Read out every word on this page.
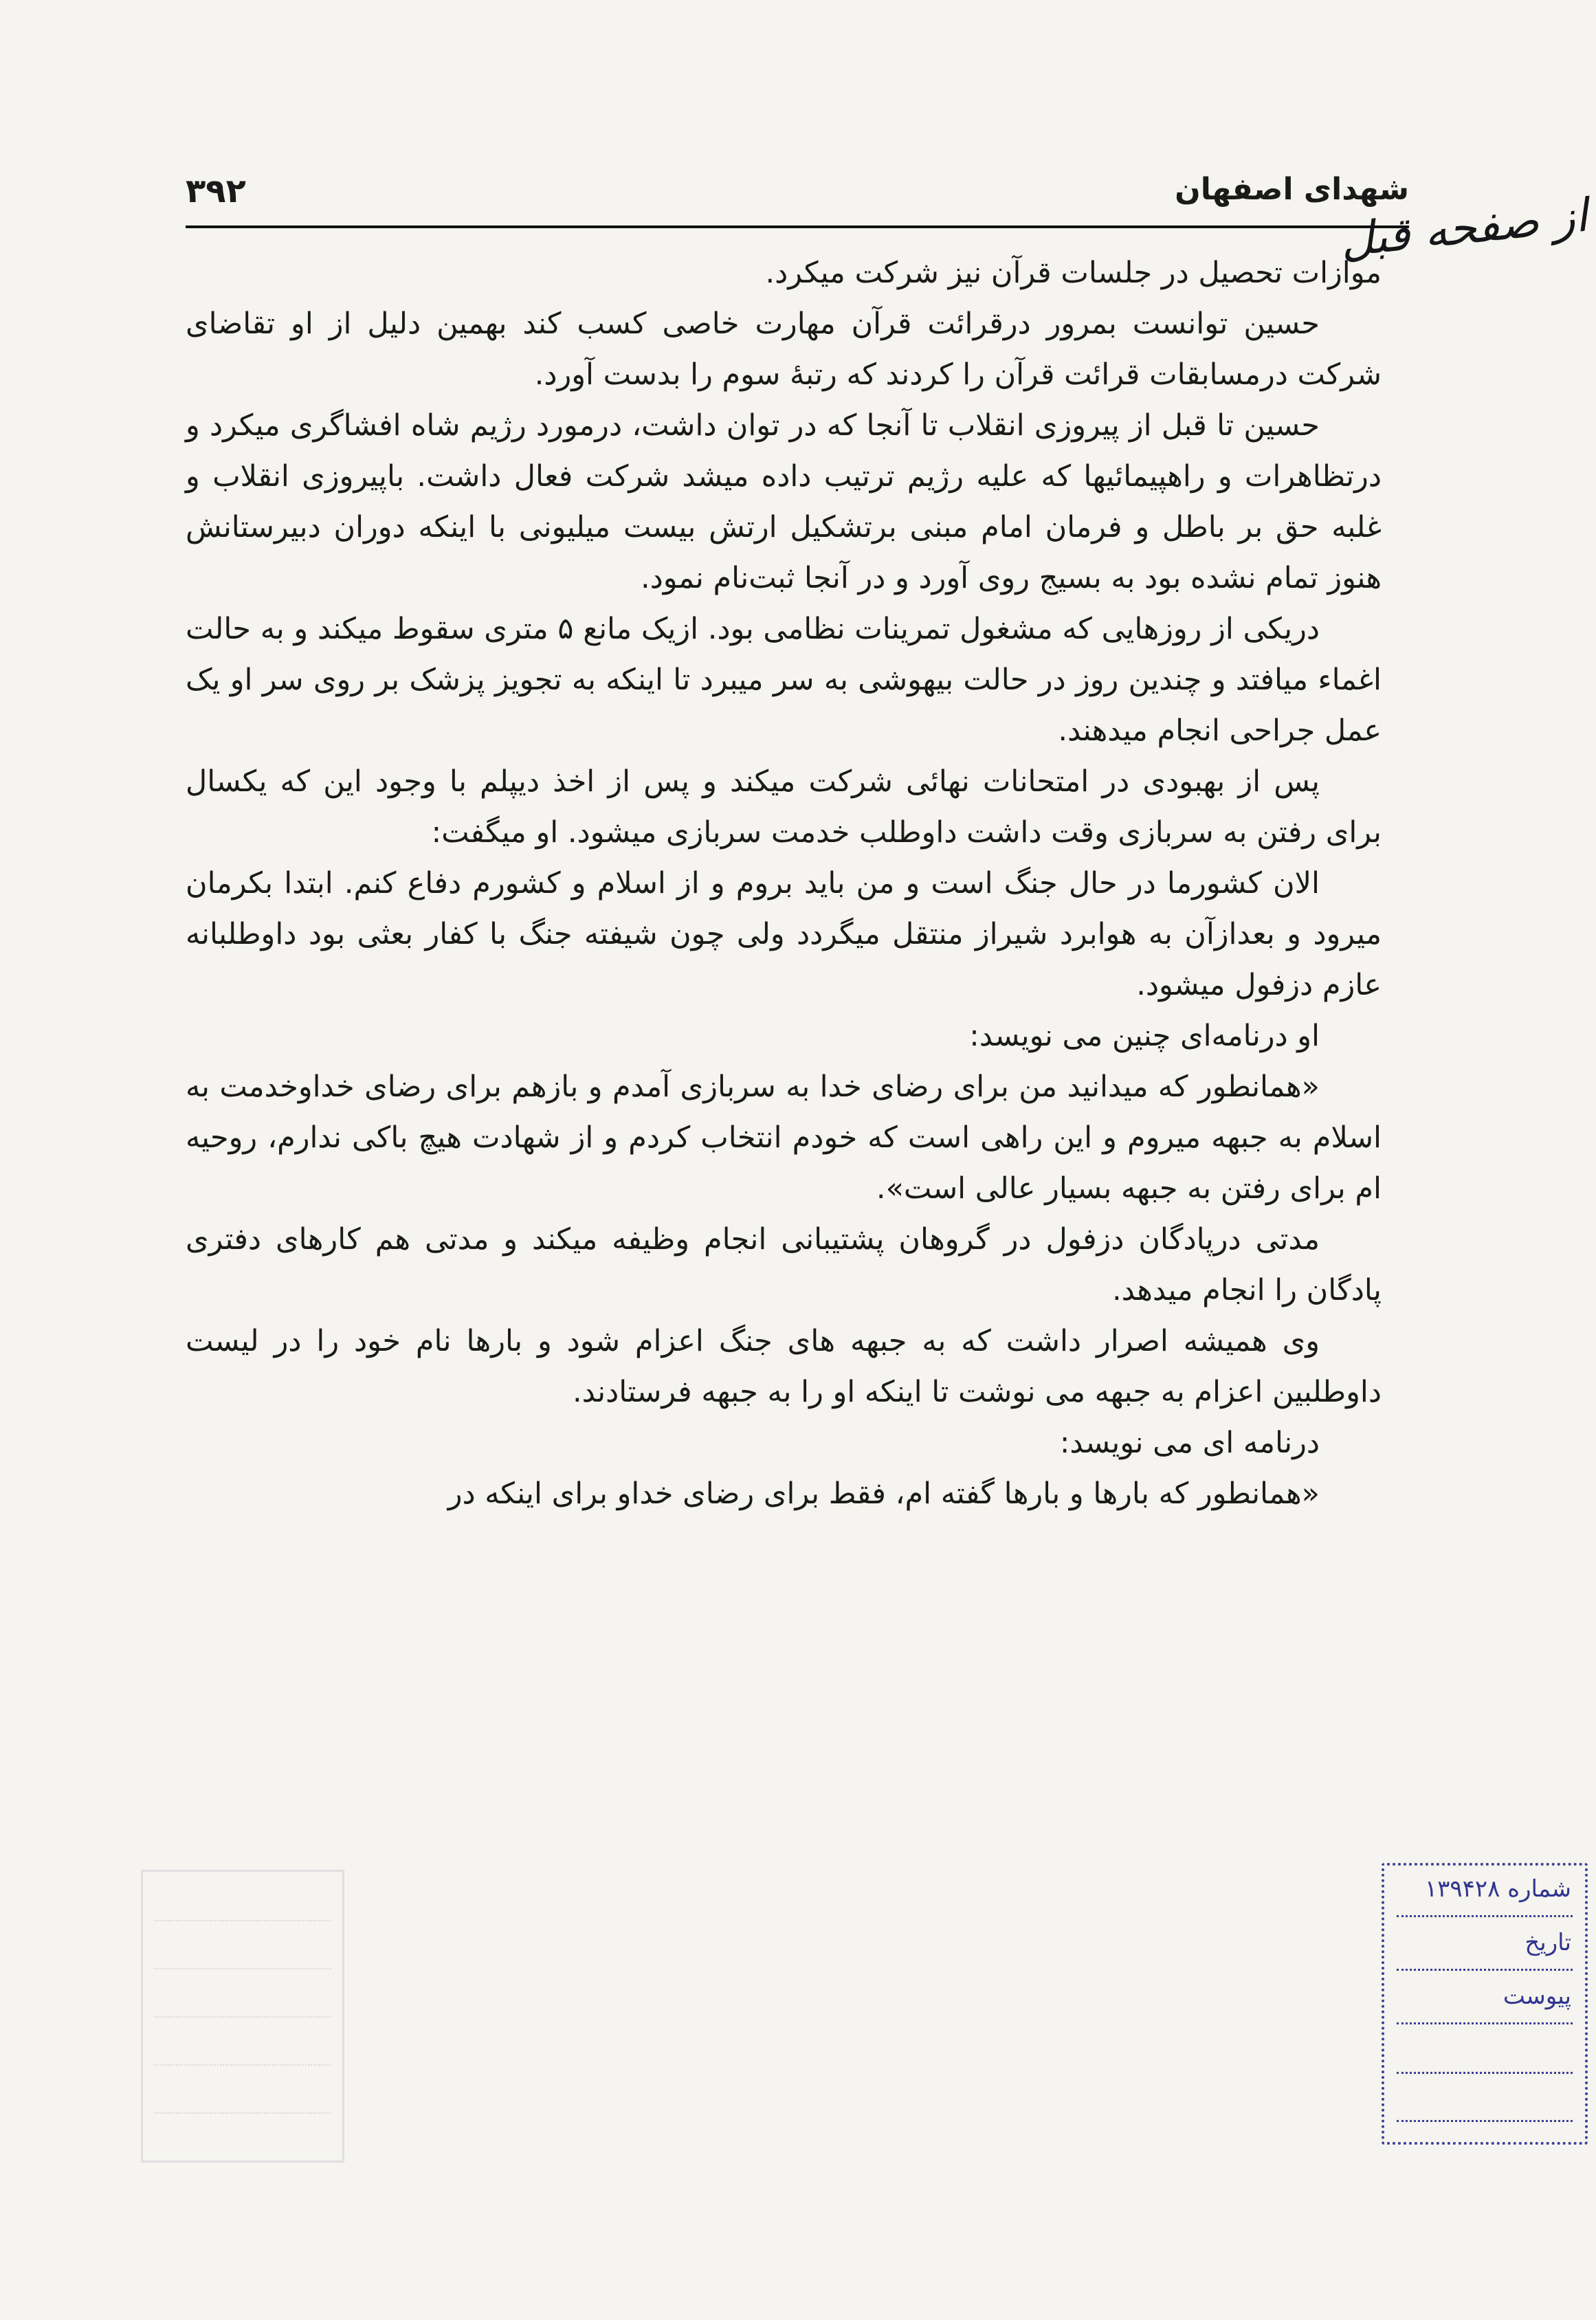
شهدای اصفهان
۳۹۲	از صفحه قبل

موازات تحصیل در جلسات قرآن نیز شرکت میکرد.

حسین توانست بمرور درقرائت قرآن مهارت خاصی کسب کند بهمین دلیل از او تقاضای شرکت درمسابقات قرائت قرآن را کردند که رتبهٔ سوم را بدست آورد.

حسین تا قبل از پیروزی انقلاب تا آنجا که در توان داشت، درمورد رژیم شاه افشاگری میکرد و درتظاهرات و راهپیمائیها که علیه رژیم ترتیب داده میشد شرکت فعال داشت. باپیروزی انقلاب و غلبه حق بر باطل و فرمان امام مبنی برتشکیل ارتش بیست میلیونی با اینکه دوران دبیرستانش هنوز تمام نشده بود به بسیج روی آورد و در آنجا ثبت‌نام نمود.

دریکی از روزهایی که مشغول تمرینات نظامی بود. ازیک مانع ۵ متری سقوط میکند و به حالت اغماء میافتد و چندین روز در حالت بیهوشی به سر میبرد تا اینکه به تجویز پزشک بر روی سر او یک عمل جراحی انجام میدهند.

پس از بهبودی در امتحانات نهائی شرکت میکند و پس از اخذ دیپلم با وجود این که یکسال برای رفتن به سربازی وقت داشت داوطلب خدمت سربازی میشود. او میگفت:

الان کشورما در حال جنگ است و من باید بروم و از اسلام و کشورم دفاع کنم. ابتدا بکرمان میرود و بعدازآن به هوابرد شیراز منتقل میگردد ولی چون شیفته جنگ با کفار بعثی بود داوطلبانه عازم دزفول میشود.

او درنامه‌ای چنین می نویسد:

«همانطور که میدانید من برای رضای خدا به سربازی آمدم و بازهم برای رضای خداوخدمت به اسلام به جبهه میروم و این راهی است که خودم انتخاب کردم و از شهادت هیچ باکی ندارم، روحیه ام برای رفتن به جبهه بسیار عالی است».

مدتی درپادگان دزفول در گروهان پشتیبانی انجام وظیفه میکند و مدتی هم کارهای دفتری پادگان را انجام میدهد.

وی همیشه اصرار داشت که به جبهه های جنگ اعزام شود و بارها نام خود را در لیست داوطلبین اعزام به جبهه می نوشت تا اینکه او را به جبهه فرستادند.

درنامه ای می نویسد:

«همانطور که بارها و بارها گفته ام، فقط برای رضای خداو برای اینکه در

شماره ۱۳۹۴۲۸
تاریخ
پیوست
